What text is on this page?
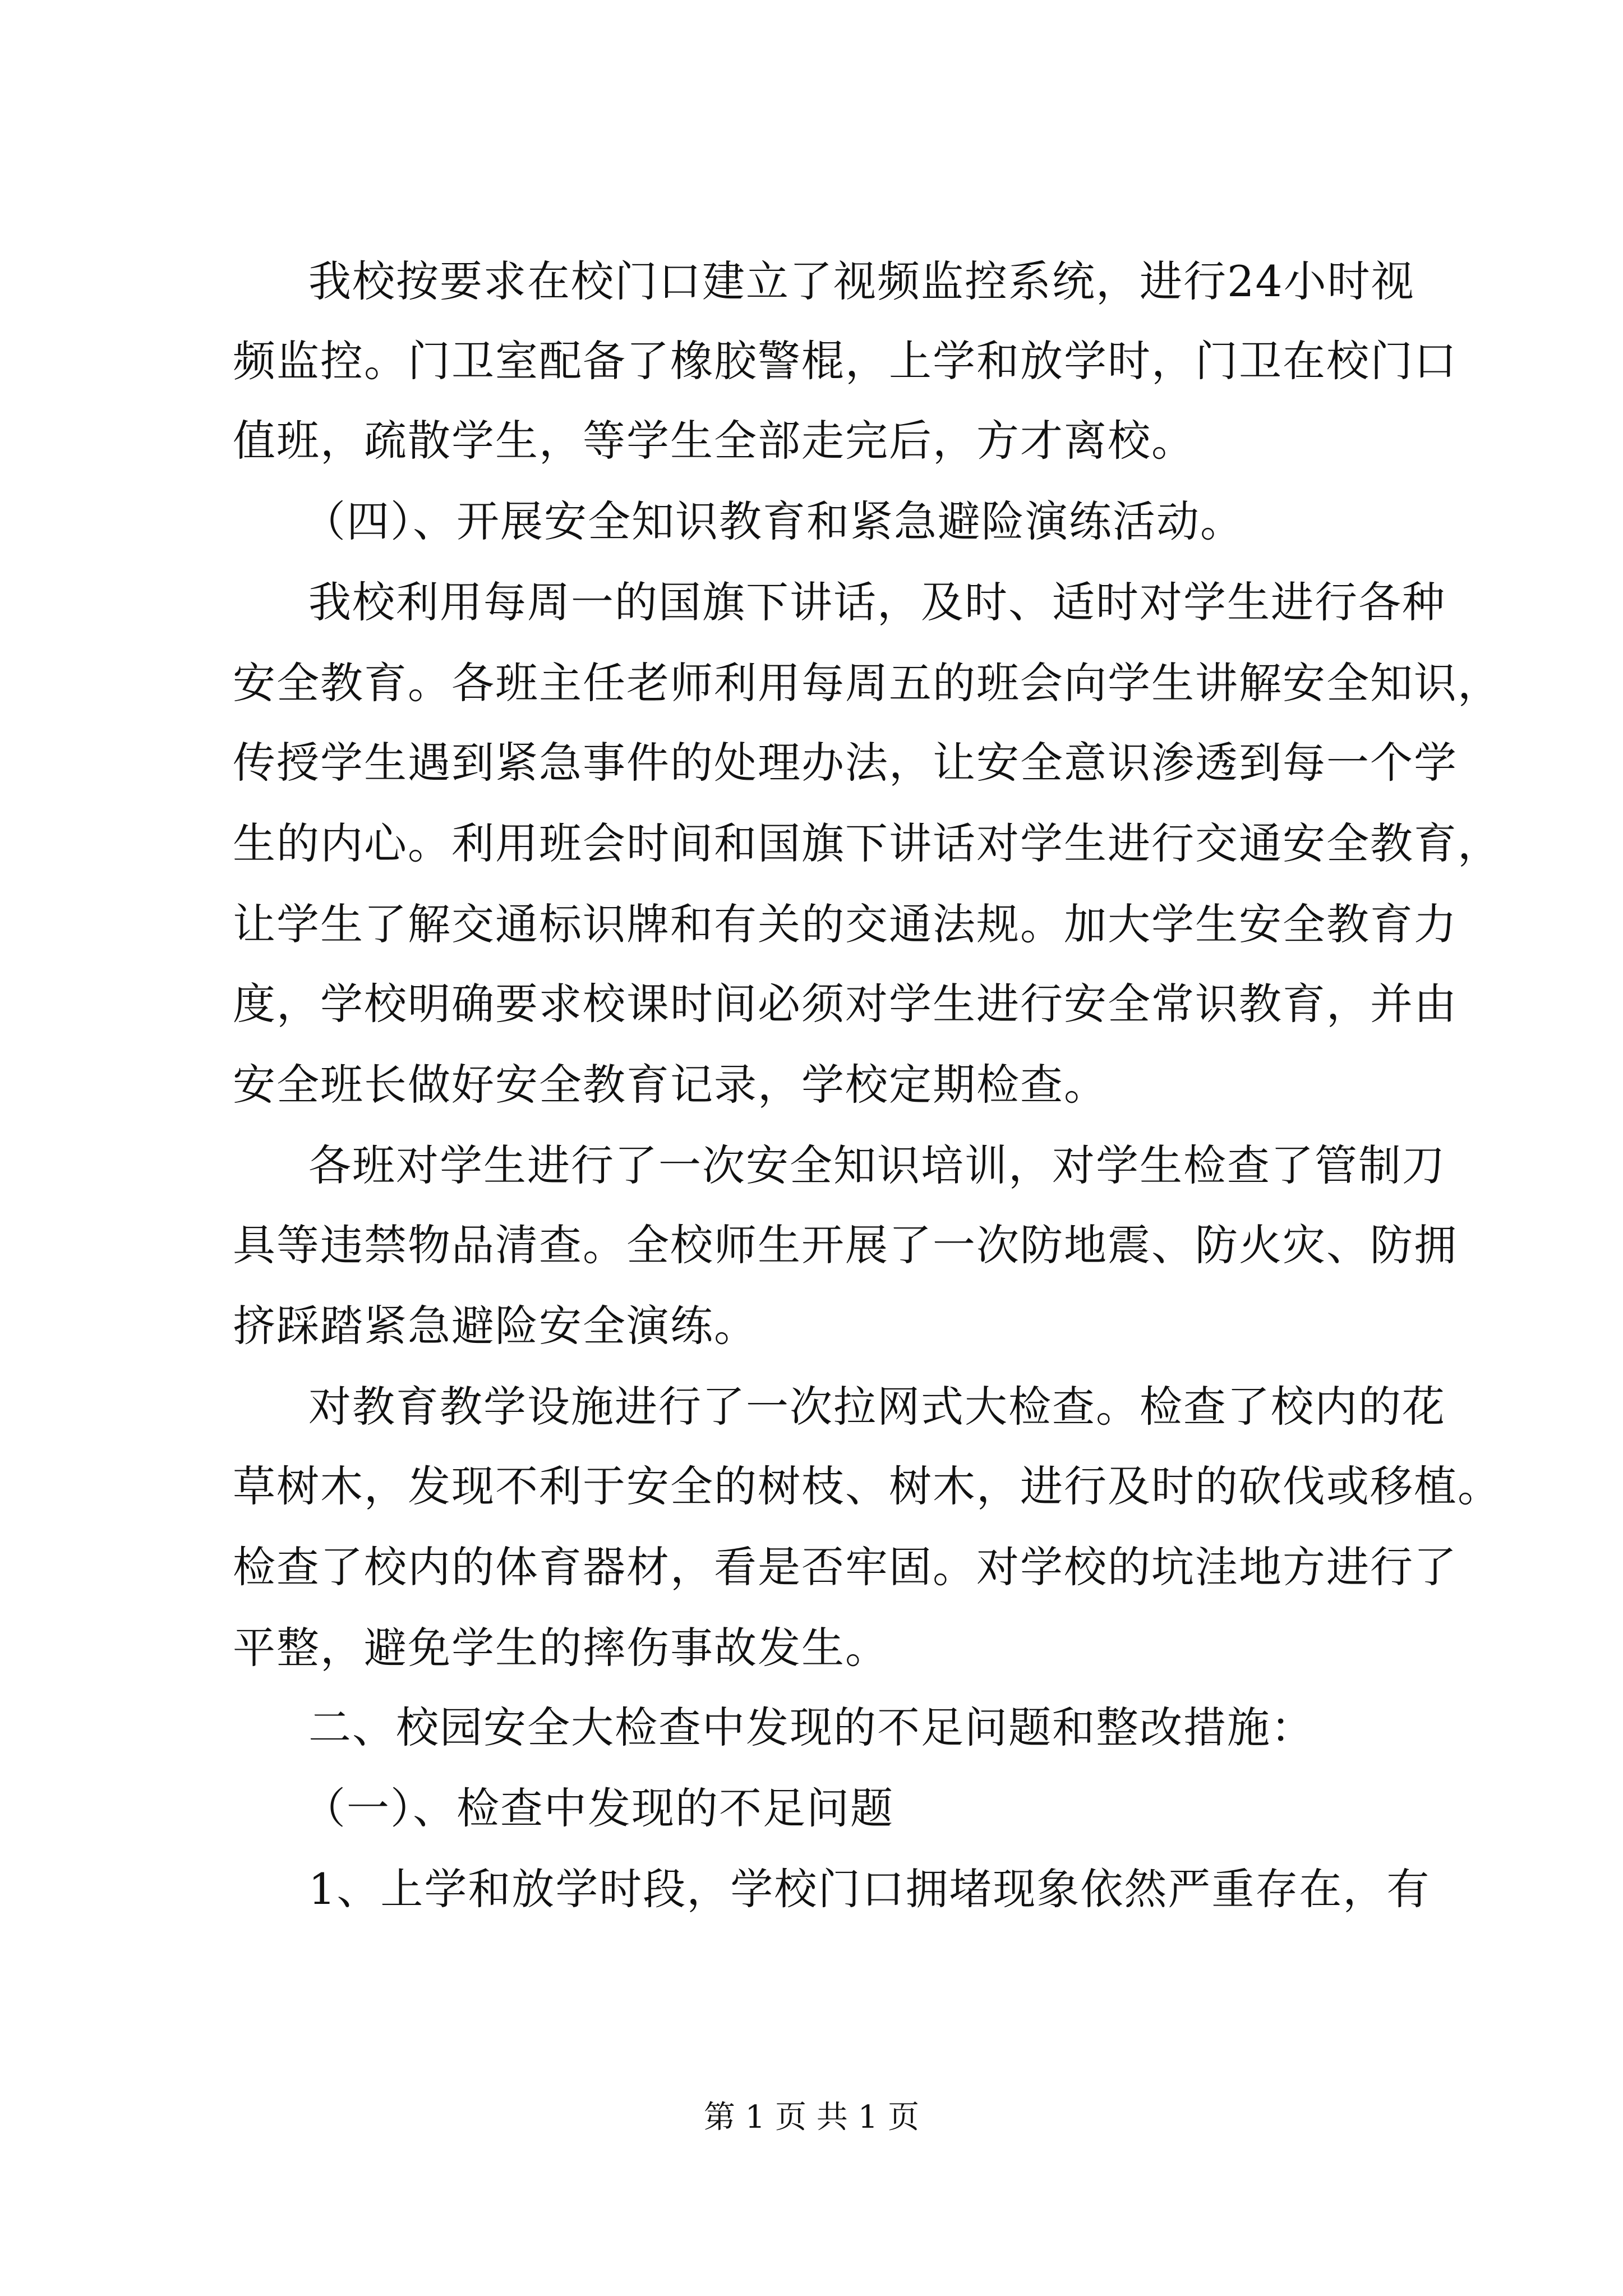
我校按要求在校门口建立了视频监控系统，进行24小时视
频监控。门卫室配备了橡胶警棍，上学和放学时，门卫在校门口
值班，疏散学生，等学生全部走完后，方才离校。
（四）、开展安全知识教育和紧急避险演练活动。
我校利用每周一的国旗下讲话，及时、适时对学生进行各种
安全教育。各班主任老师利用每周五的班会向学生讲解安全知识，
传授学生遇到紧急事件的处理办法，让安全意识渗透到每一个学
生的内心。利用班会时间和国旗下讲话对学生进行交通安全教育，
让学生了解交通标识牌和有关的交通法规。加大学生安全教育力
度，学校明确要求校课时间必须对学生进行安全常识教育，并由
安全班长做好安全教育记录，学校定期检查。
各班对学生进行了一次安全知识培训，对学生检查了管制刀
具等违禁物品清查。全校师生开展了一次防地震、防火灾、防拥
挤踩踏紧急避险安全演练。
对教育教学设施进行了一次拉网式大检查。检查了校内的花
草树木，发现不利于安全的树枝、树木，进行及时的砍伐或移植。
检查了校内的体育器材，看是否牢固。对学校的坑洼地方进行了
平整，避免学生的摔伤事故发生。
二、校园安全大检查中发现的不足问题和整改措施：
（一）、检查中发现的不足问题
1、上学和放学时段，学校门口拥堵现象依然严重存在，有
第 1 页 共 1 页
